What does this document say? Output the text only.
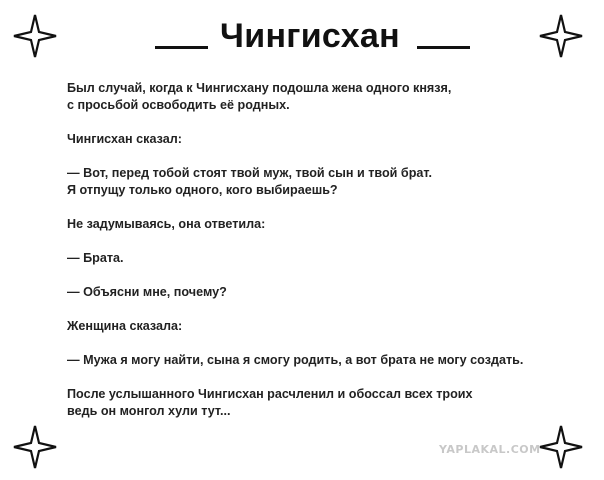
Чингисхан

Был случай, когда к Чингисхану подошла жена одного князя,
с просьбой освободить её родных.

Чингисхан сказал:

— Вот, перед тобой стоят твой муж, твой сын и твой брат.
Я отпущу только одного, кого выбираешь?

Не задумываясь, она ответила:

— Брата.

— Объясни мне, почему?

Женщина сказала:

— Мужа я могу найти, сына я смогу родить, а вот брата не могу создать.

После услышанного Чингисхан расчленил и обоссал всех троих
ведь он монгол хули тут...

YAPLAKAL.COM
